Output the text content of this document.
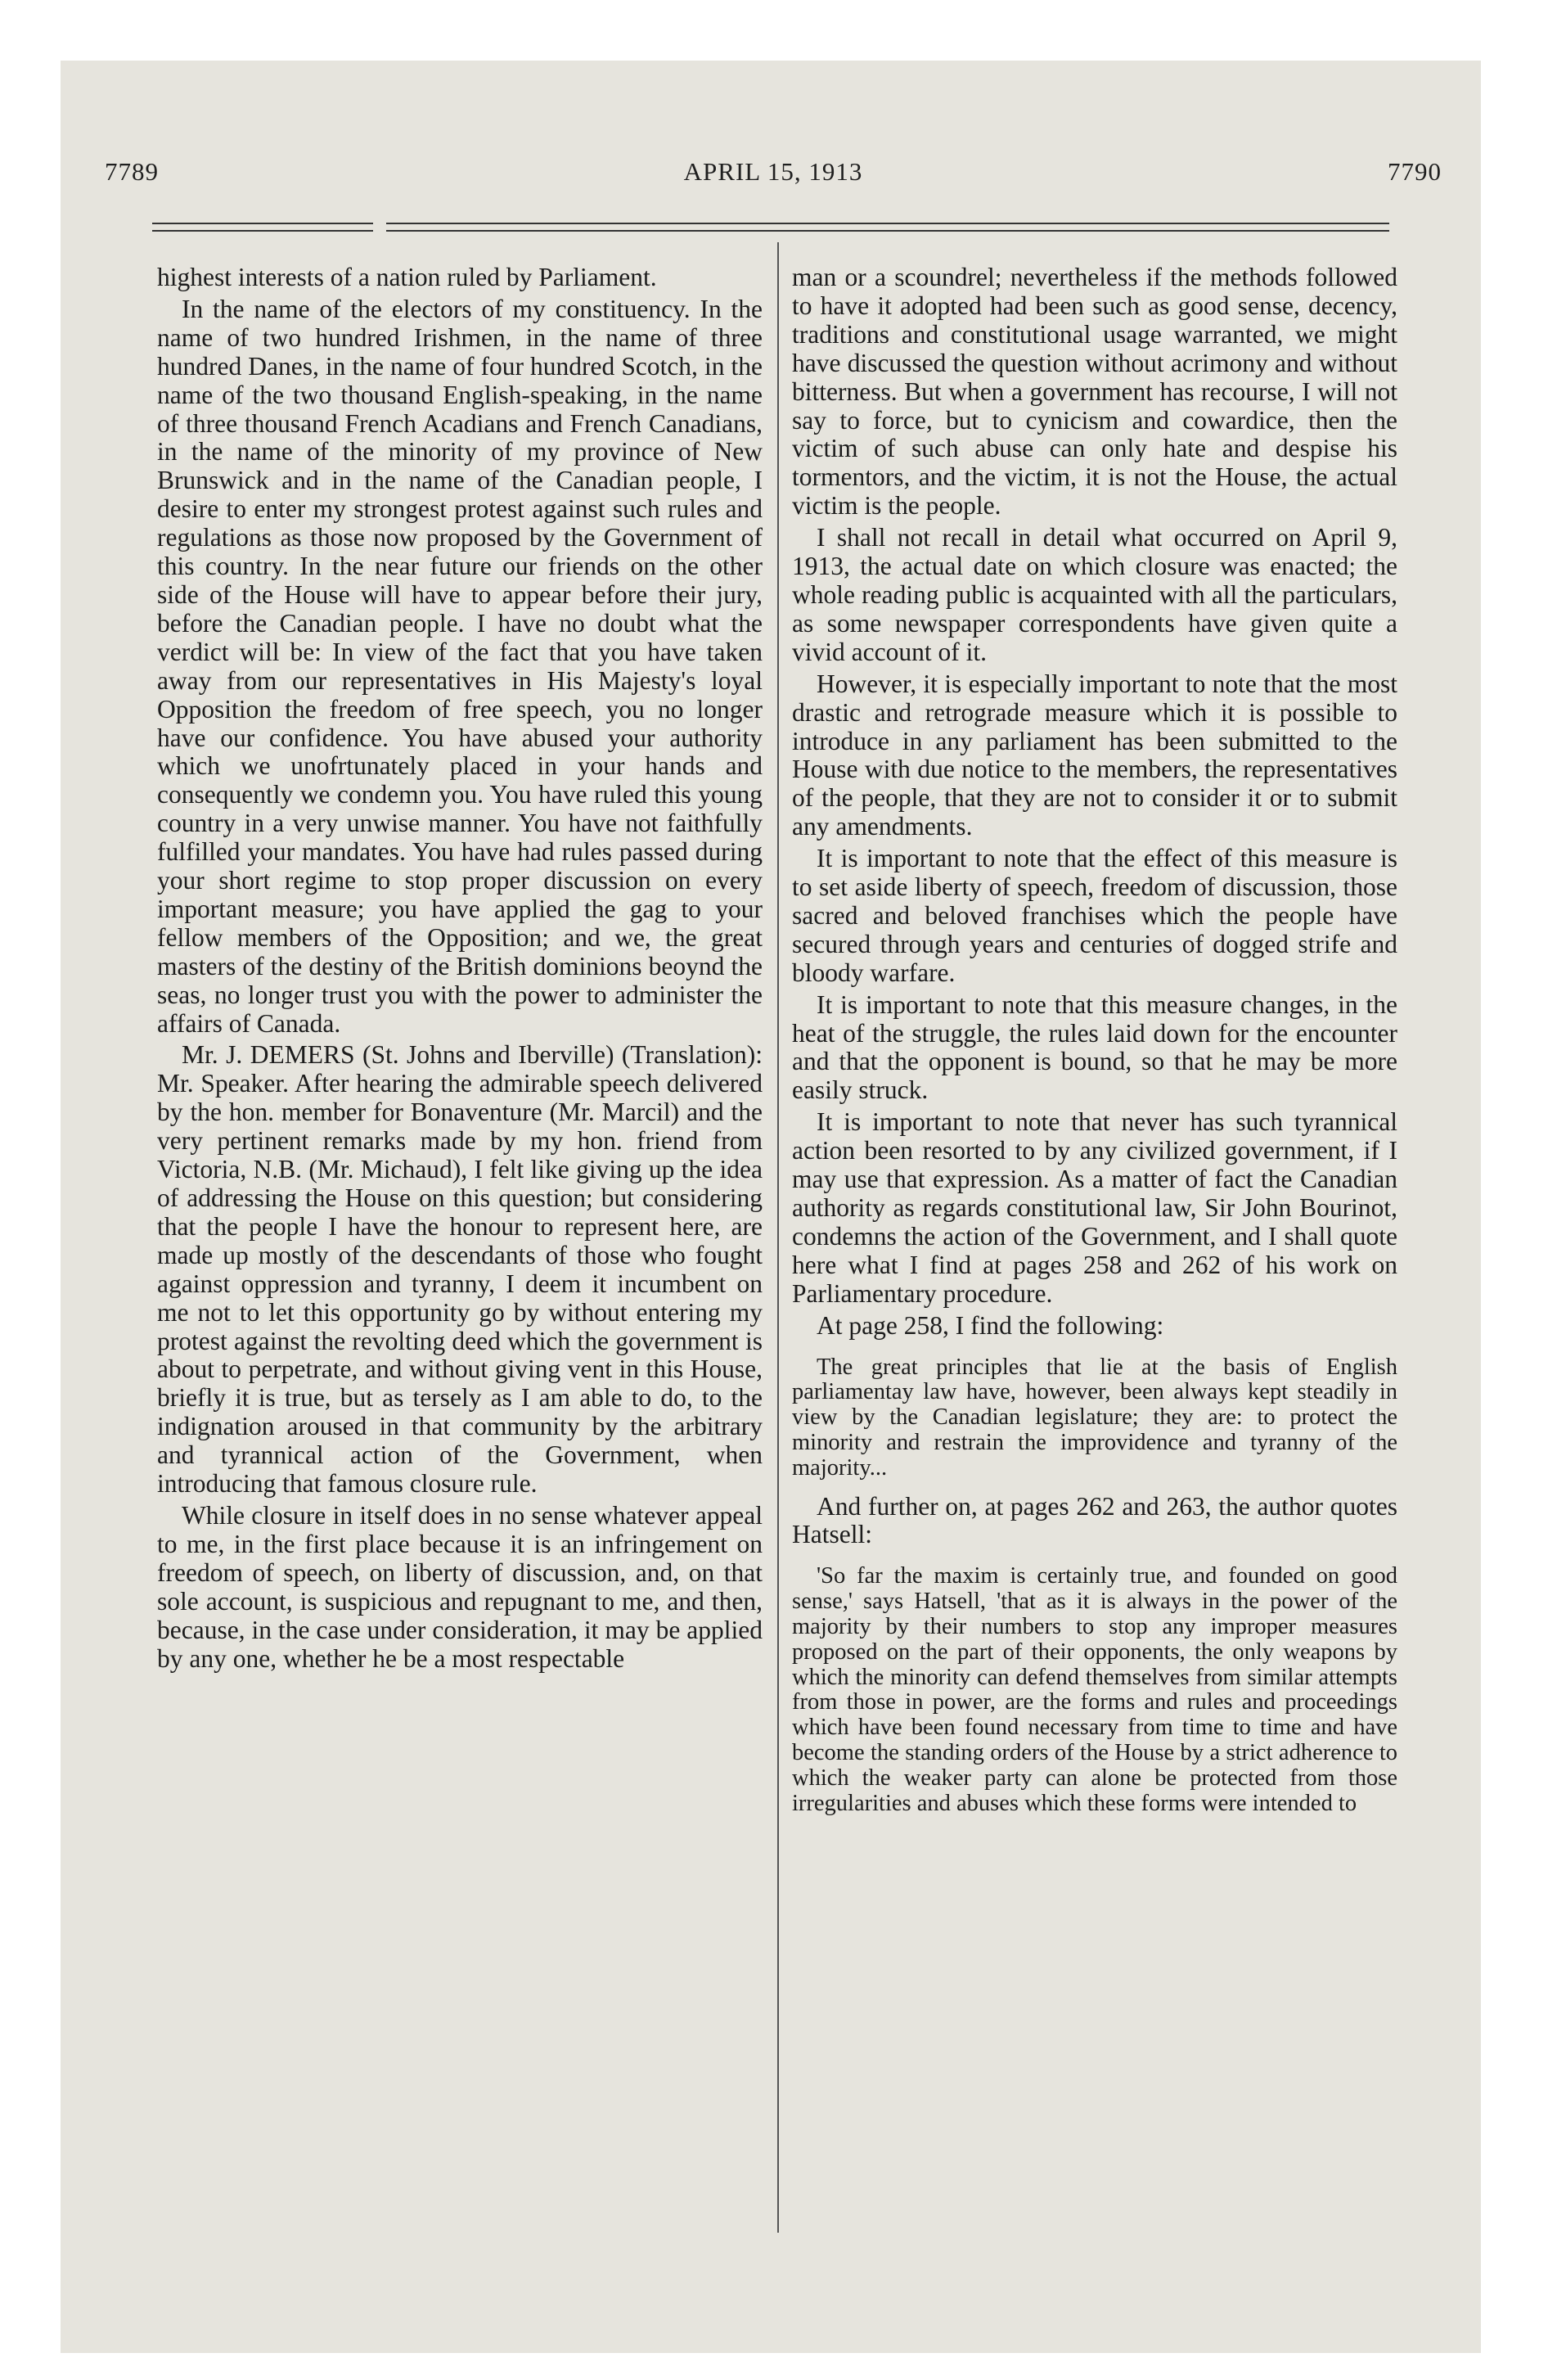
7789	APRIL 15, 1913	7790

highest interests of a nation ruled by Parliament.

In the name of the electors of my constituency. In the name of two hundred Irishmen, in the name of three hundred Danes, in the name of four hundred Scotch, in the name of the two thousand English-speaking, in the name of three thousand French Acadians and French Canadians, in the name of the minority of my province of New Brunswick and in the name of the Canadian people, I desire to enter my strongest protest against such rules and regulations as those now proposed by the Government of this country. In the near future our friends on the other side of the House will have to appear before their jury, before the Canadian people. I have no doubt what the verdict will be: In view of the fact that you have taken away from our representatives in His Majesty's loyal Opposition the freedom of free speech, you no longer have our confidence. You have abused your authority which we unofrtunately placed in your hands and consequently we condemn you. You have ruled this young country in a very unwise manner. You have not faithfully fulfilled your mandates. You have had rules passed during your short regime to stop proper discussion on every important measure; you have applied the gag to your fellow members of the Opposition; and we, the great masters of the destiny of the British dominions beoynd the seas, no longer trust you with the power to administer the affairs of Canada.

Mr. J. DEMERS (St. Johns and Iberville) (Translation): Mr. Speaker. After hearing the admirable speech delivered by the hon. member for Bonaventure (Mr. Marcil) and the very pertinent remarks made by my hon. friend from Victoria, N.B. (Mr. Michaud), I felt like giving up the idea of addressing the House on this question; but considering that the people I have the honour to represent here, are made up mostly of the descendants of those who fought against oppression and tyranny, I deem it incumbent on me not to let this opportunity go by without entering my protest against the revolting deed which the government is about to perpetrate, and without giving vent in this House, briefly it is true, but as tersely as I am able to do, to the indignation aroused in that community by the arbitrary and tyrannical action of the Government, when introducing that famous closure rule.

While closure in itself does in no sense whatever appeal to me, in the first place because it is an infringement on freedom of speech, on liberty of discussion, and, on that sole account, is suspicious and repugnant to me, and then, because, in the case under consideration, it may be applied by any one, whether he be a most respectable

man or a scoundrel; nevertheless if the methods followed to have it adopted had been such as good sense, decency, traditions and constitutional usage warranted, we might have discussed the question without acrimony and without bitterness. But when a government has recourse, I will not say to force, but to cynicism and cowardice, then the victim of such abuse can only hate and despise his tormentors, and the victim, it is not the House, the actual victim is the people.

I shall not recall in detail what occurred on April 9, 1913, the actual date on which closure was enacted; the whole reading public is acquainted with all the particulars, as some newspaper correspondents have given quite a vivid account of it.

However, it is especially important to note that the most drastic and retrograde measure which it is possible to introduce in any parliament has been submitted to the House with due notice to the members, the representatives of the people, that they are not to consider it or to submit any amendments.

It is important to note that the effect of this measure is to set aside liberty of speech, freedom of discussion, those sacred and beloved franchises which the people have secured through years and centuries of dogged strife and bloody warfare.

It is important to note that this measure changes, in the heat of the struggle, the rules laid down for the encounter and that the opponent is bound, so that he may be more easily struck.

It is important to note that never has such tyrannical action been resorted to by any civilized government, if I may use that expression. As a matter of fact the Canadian authority as regards constitutional law, Sir John Bourinot, condemns the action of the Government, and I shall quote here what I find at pages 258 and 262 of his work on Parliamentary procedure.

At page 258, I find the following:

The great principles that lie at the basis of English parliamentay law have, however, been always kept steadily in view by the Canadian legislature; they are: to protect the minority and restrain the improvidence and tyranny of the majority...

And further on, at pages 262 and 263, the author quotes Hatsell:

'So far the maxim is certainly true, and founded on good sense,' says Hatsell, 'that as it is always in the power of the majority by their numbers to stop any improper measures proposed on the part of their opponents, the only weapons by which the minority can defend themselves from similar attempts from those in power, are the forms and rules and proceedings which have been found necessary from time to time and have become the standing orders of the House by a strict adherence to which the weaker party can alone be protected from those irregularities and abuses which these forms were intended to
